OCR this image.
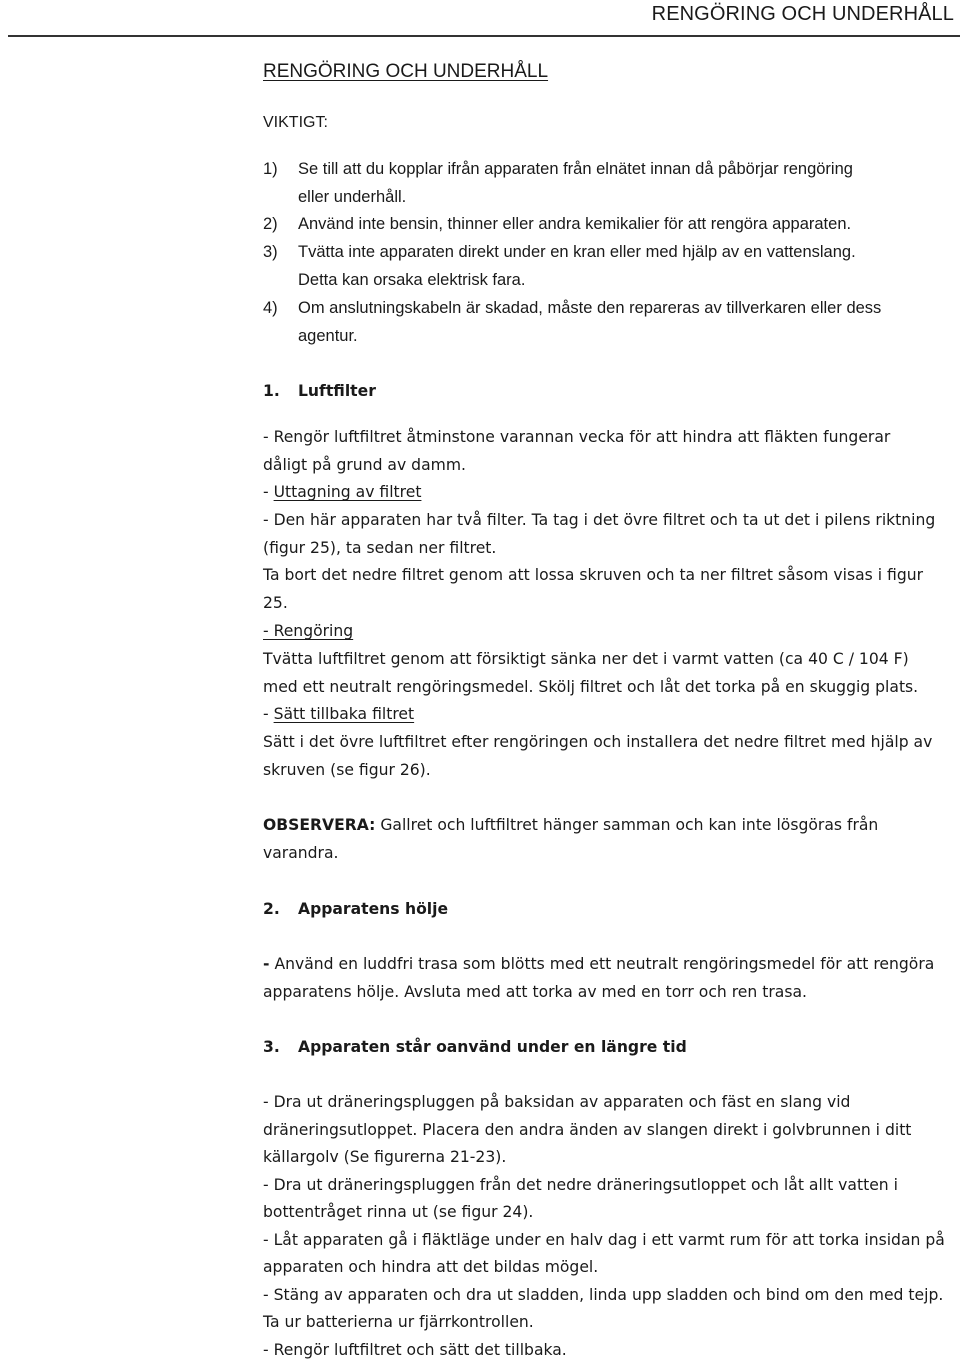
RENGÖRING OCH UNDERHÅLL
RENGÖRING OCH UNDERHÅLL
VIKTIGT:
1) Se till att du kopplar ifrån apparaten från elnätet innan då påbörjar rengöring
eller underhåll.
2) Använd inte bensin, thinner eller andra kemikalier för att rengöra apparaten.
3) Tvätta inte apparaten direkt under en kran eller med hjälp av en vattenslang.
Detta kan orsaka elektrisk fara.
4) Om anslutningskabeln är skadad, måste den repareras av tillverkaren eller dess
agentur.
1. Luftfilter
- Rengör luftfiltret åtminstone varannan vecka för att hindra att fläkten fungerar
dåligt på grund av damm.
- Uttagning av filtret
- Den här apparaten har två filter. Ta tag i det övre filtret och ta ut det i pilens riktning
(figur 25), ta sedan ner filtret.
Ta bort det nedre filtret genom att lossa skruven och ta ner filtret såsom visas i figur
25.
- Rengöring
Tvätta luftfiltret genom att försiktigt sänka ner det i varmt vatten (ca 40 C / 104 F)
med ett neutralt rengöringsmedel. Skölj filtret och låt det torka på en skuggig plats.
- Sätt tillbaka filtret
Sätt i det övre luftfiltret efter rengöringen och installera det nedre filtret med hjälp av
skruven (se figur 26).
OBSERVERA: Gallret och luftfiltret hänger samman och kan inte lösgöras från
varandra.
2. Apparatens hölje
- Använd en luddfri trasa som blötts med ett neutralt rengöringsmedel för att rengöra
apparatens hölje. Avsluta med att torka av med en torr och ren trasa.
3. Apparaten står oanvänd under en längre tid
- Dra ut dräneringspluggen på baksidan av apparaten och fäst en slang vid
dräneringsutloppet. Placera den andra änden av slangen direkt i golvbrunnen i ditt
källargolv (Se figurerna 21-23).
- Dra ut dräneringspluggen från det nedre dräneringsutloppet och låt allt vatten i
bottentråget rinna ut (se figur 24).
- Låt apparaten gå i fläktläge under en halv dag i ett varmt rum för att torka insidan på
apparaten och hindra att det bildas mögel.
- Stäng av apparaten och dra ut sladden, linda upp sladden och bind om den med tejp.
Ta ur batterierna ur fjärrkontrollen.
- Rengör luftfiltret och sätt det tillbaka.
